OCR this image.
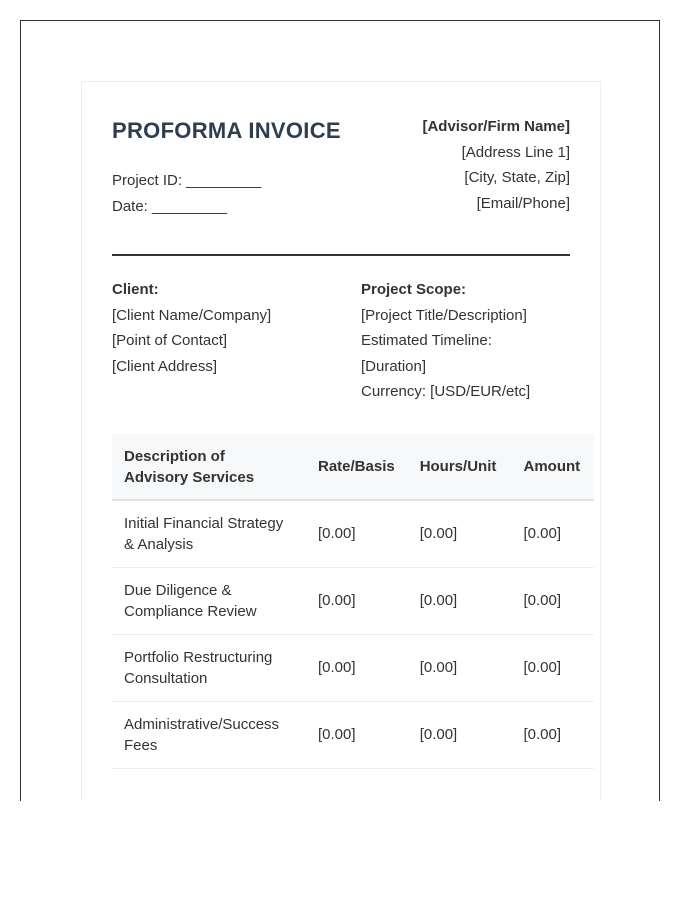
PROFORMA INVOICE
Project ID: _________
Date: _________
[Advisor/Firm Name]
[Address Line 1]
[City, State, Zip]
[Email/Phone]
Client:
[Client Name/Company]
[Point of Contact]
[Client Address]
Project Scope:
[Project Title/Description]
Estimated Timeline:
[Duration]
Currency: [USD/EUR/etc]
Description of
Advisory Services	Rate/Basis	Hours/Unit	Amount

Initial Financial Strategy & Analysis	[0.00]	[0.00]	[0.00]

Due Diligence & Compliance Review	[0.00]	[0.00]	[0.00]

Portfolio Restructuring Consultation	[0.00]	[0.00]	[0.00]

Administrative/Success Fees	[0.00]	[0.00]	[0.00]
